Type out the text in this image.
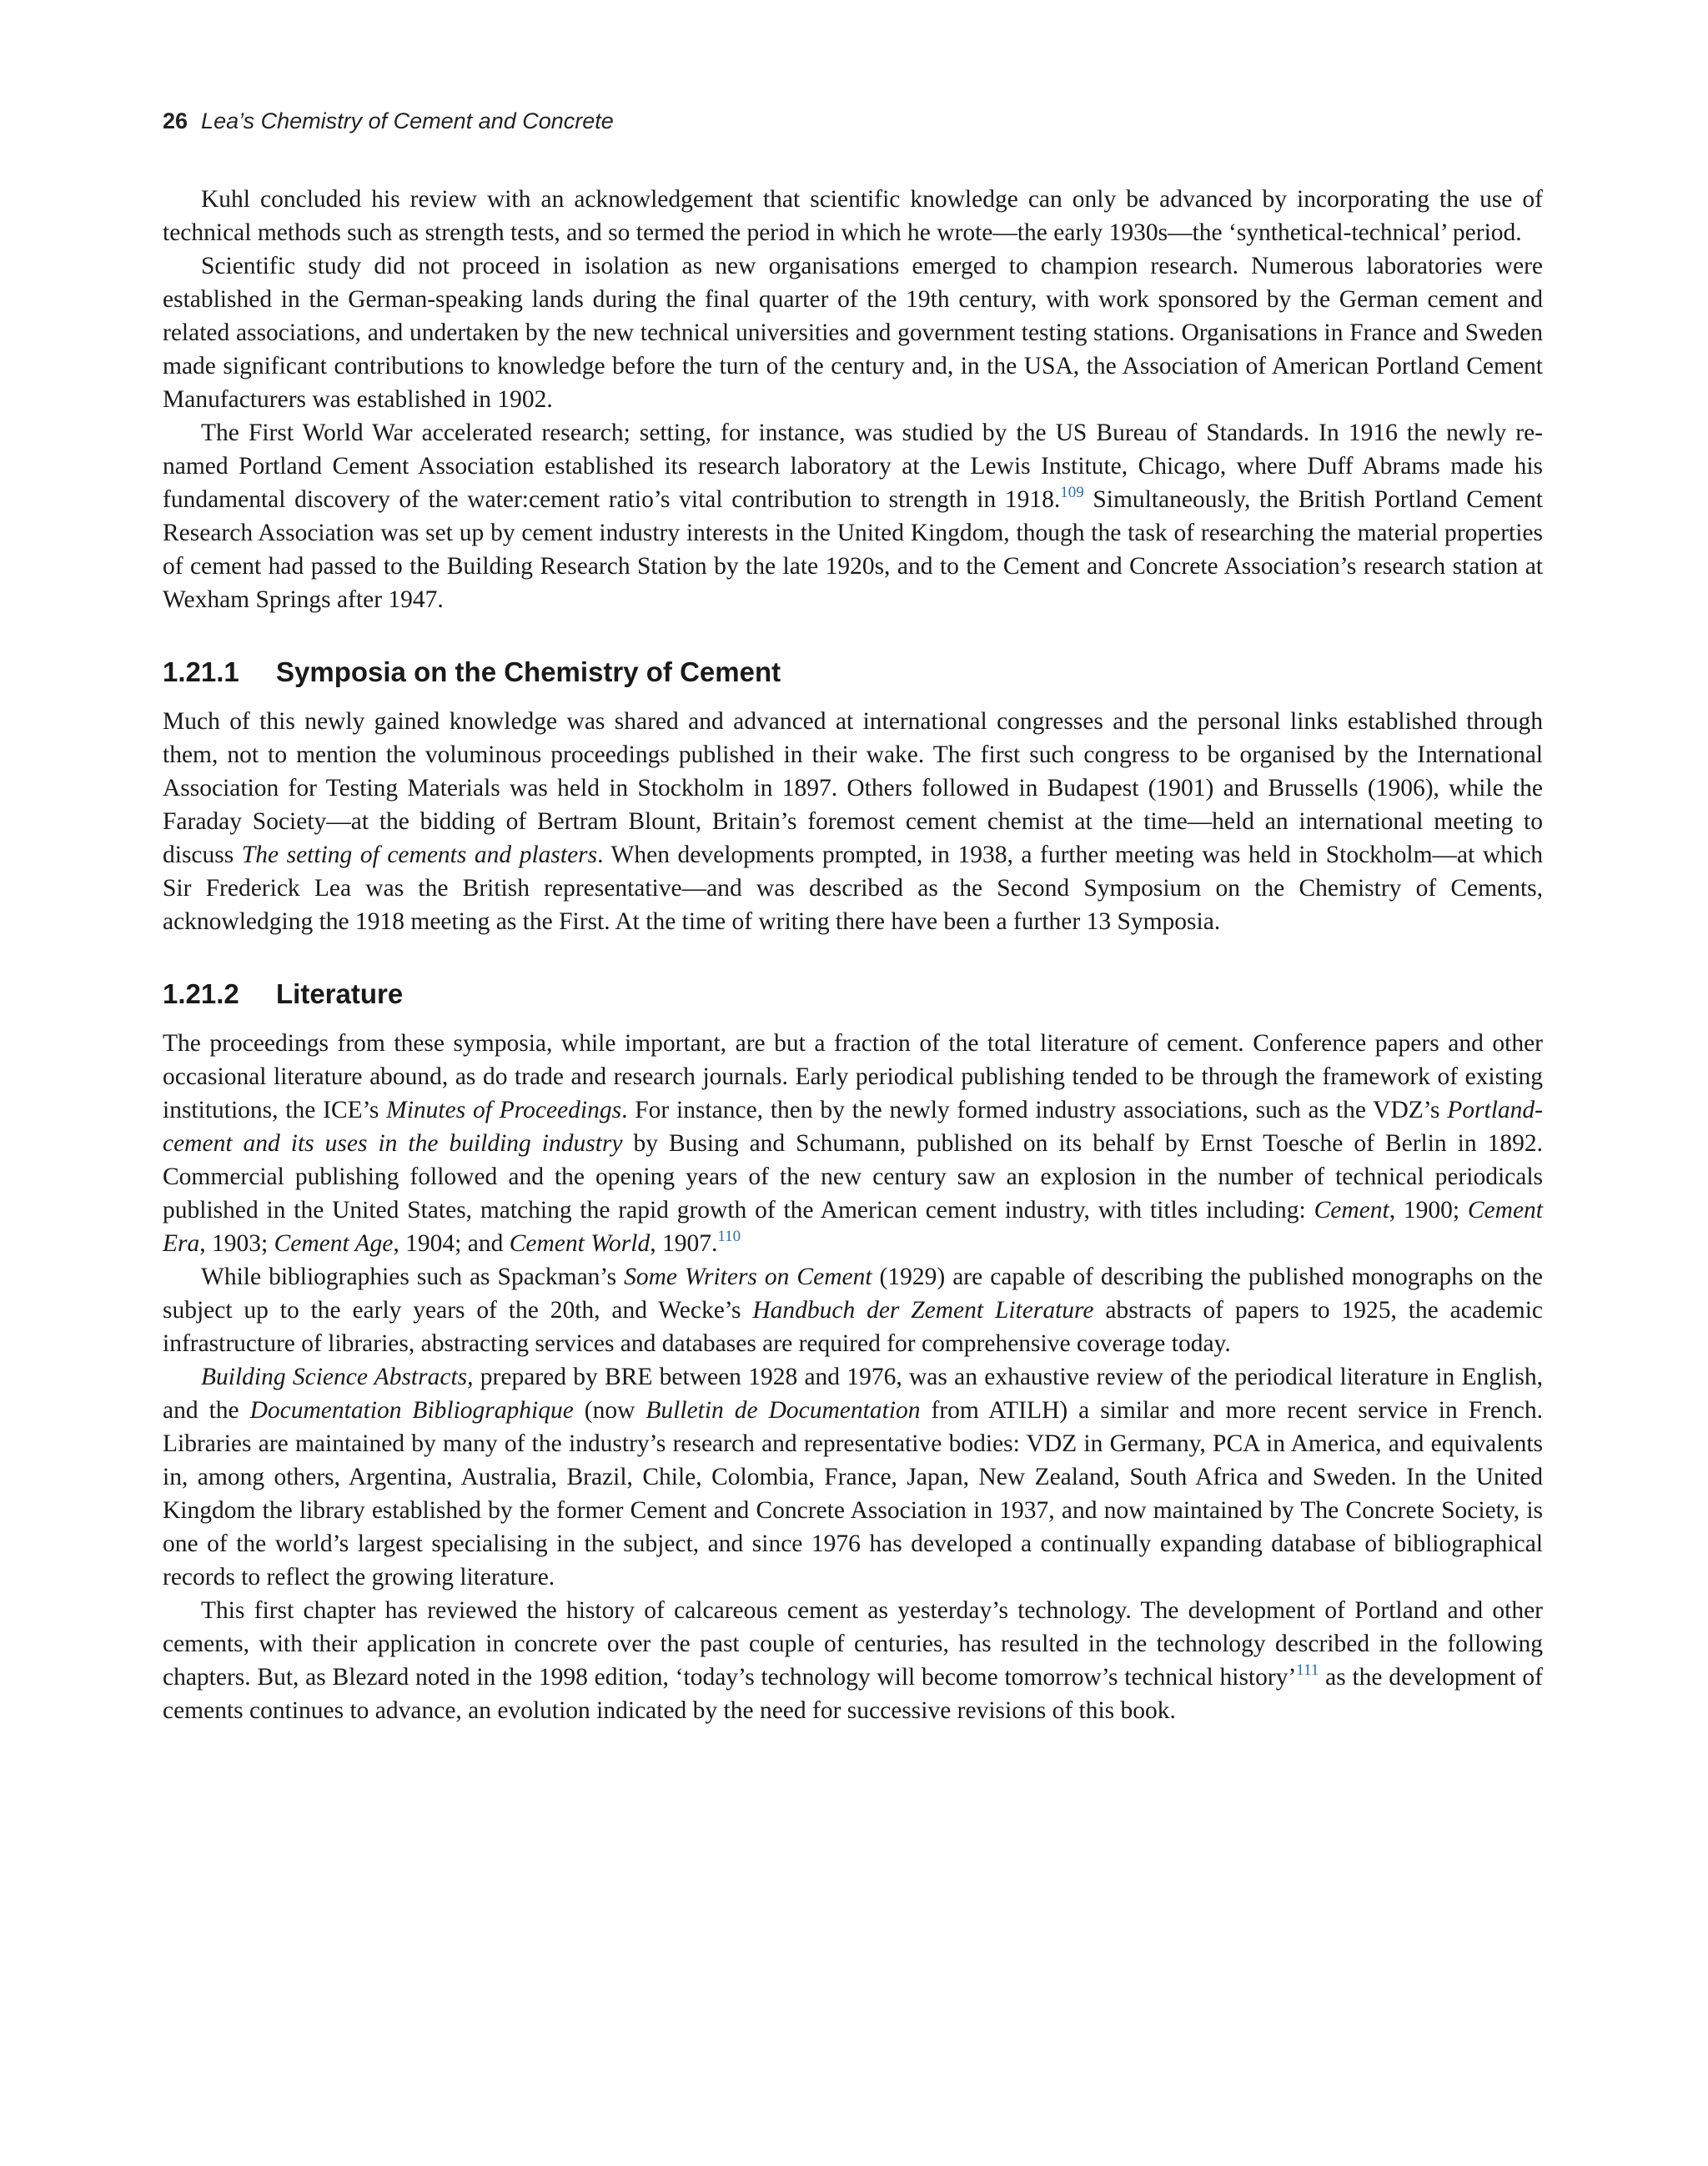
26 Lea’s Chemistry of Cement and Concrete

Kuhl concluded his review with an acknowledgement that scientific knowledge can only be advanced by incorporating the use of technical methods such as strength tests, and so termed the period in which he wrote—the early 1930s—the ‘synthetical-technical’ period.

Scientific study did not proceed in isolation as new organisations emerged to champion research. Numerous laboratories were established in the German-speaking lands during the final quarter of the 19th century, with work sponsored by the German cement and related associations, and undertaken by the new technical universities and government testing stations. Organisations in France and Sweden made significant contributions to knowledge before the turn of the century and, in the USA, the Association of American Portland Cement Manufacturers was established in 1902.

The First World War accelerated research; setting, for instance, was studied by the US Bureau of Standards. In 1916 the newly re-named Portland Cement Association established its research laboratory at the Lewis Institute, Chicago, where Duff Abrams made his fundamental discovery of the water:cement ratio’s vital contribution to strength in 1918.$^{109}$ Simultaneously, the British Portland Cement Research Association was set up by cement industry interests in the United Kingdom, though the task of researching the material properties of cement had passed to the Building Research Station by the late 1920s, and to the Cement and Concrete Association’s research station at Wexham Springs after 1947.

1.21.1 Symposia on the Chemistry of Cement

Much of this newly gained knowledge was shared and advanced at international congresses and the personal links established through them, not to mention the voluminous proceedings published in their wake. The first such congress to be organised by the International Association for Testing Materials was held in Stockholm in 1897. Others followed in Budapest (1901) and Brussells (1906), while the Faraday Society—at the bidding of Bertram Blount, Britain’s foremost cement chemist at the time—held an international meeting to discuss The setting of cements and plasters. When developments prompted, in 1938, a further meeting was held in Stockholm—at which Sir Frederick Lea was the British representative—and was described as the Second Symposium on the Chemistry of Cements, acknowledging the 1918 meeting as the First. At the time of writing there have been a further 13 Symposia.

1.21.2 Literature

The proceedings from these symposia, while important, are but a fraction of the total literature of cement. Conference papers and other occasional literature abound, as do trade and research journals. Early periodical publishing tended to be through the framework of existing institutions, the ICE’s Minutes of Proceedings. For instance, then by the newly formed industry associations, such as the VDZ’s Portland-cement and its uses in the building industry by Busing and Schumann, published on its behalf by Ernst Toesche of Berlin in 1892. Commercial publishing followed and the opening years of the new century saw an explosion in the number of technical periodicals published in the United States, matching the rapid growth of the American cement industry, with titles including: Cement, 1900; Cement Era, 1903; Cement Age, 1904; and Cement World, 1907.$^{110}$

While bibliographies such as Spackman’s Some Writers on Cement (1929) are capable of describing the published monographs on the subject up to the early years of the 20th, and Wecke’s Handbuch der Zement Literature abstracts of papers to 1925, the academic infrastructure of libraries, abstracting services and databases are required for comprehensive coverage today.

Building Science Abstracts, prepared by BRE between 1928 and 1976, was an exhaustive review of the periodical literature in English, and the Documentation Bibliographique (now Bulletin de Documentation from ATILH) a similar and more recent service in French. Libraries are maintained by many of the industry’s research and representative bodies: VDZ in Germany, PCA in America, and equivalents in, among others, Argentina, Australia, Brazil, Chile, Colombia, France, Japan, New Zealand, South Africa and Sweden. In the United Kingdom the library established by the former Cement and Concrete Association in 1937, and now maintained by The Concrete Society, is one of the world’s largest specialising in the subject, and since 1976 has developed a continually expanding database of bibliographical records to reflect the growing literature.

This first chapter has reviewed the history of calcareous cement as yesterday’s technology. The development of Portland and other cements, with their application in concrete over the past couple of centuries, has resulted in the technology described in the following chapters. But, as Blezard noted in the 1998 edition, ‘today’s technology will become tomorrow’s technical history’$^{111}$ as the development of cements continues to advance, an evolution indicated by the need for successive revisions of this book.
